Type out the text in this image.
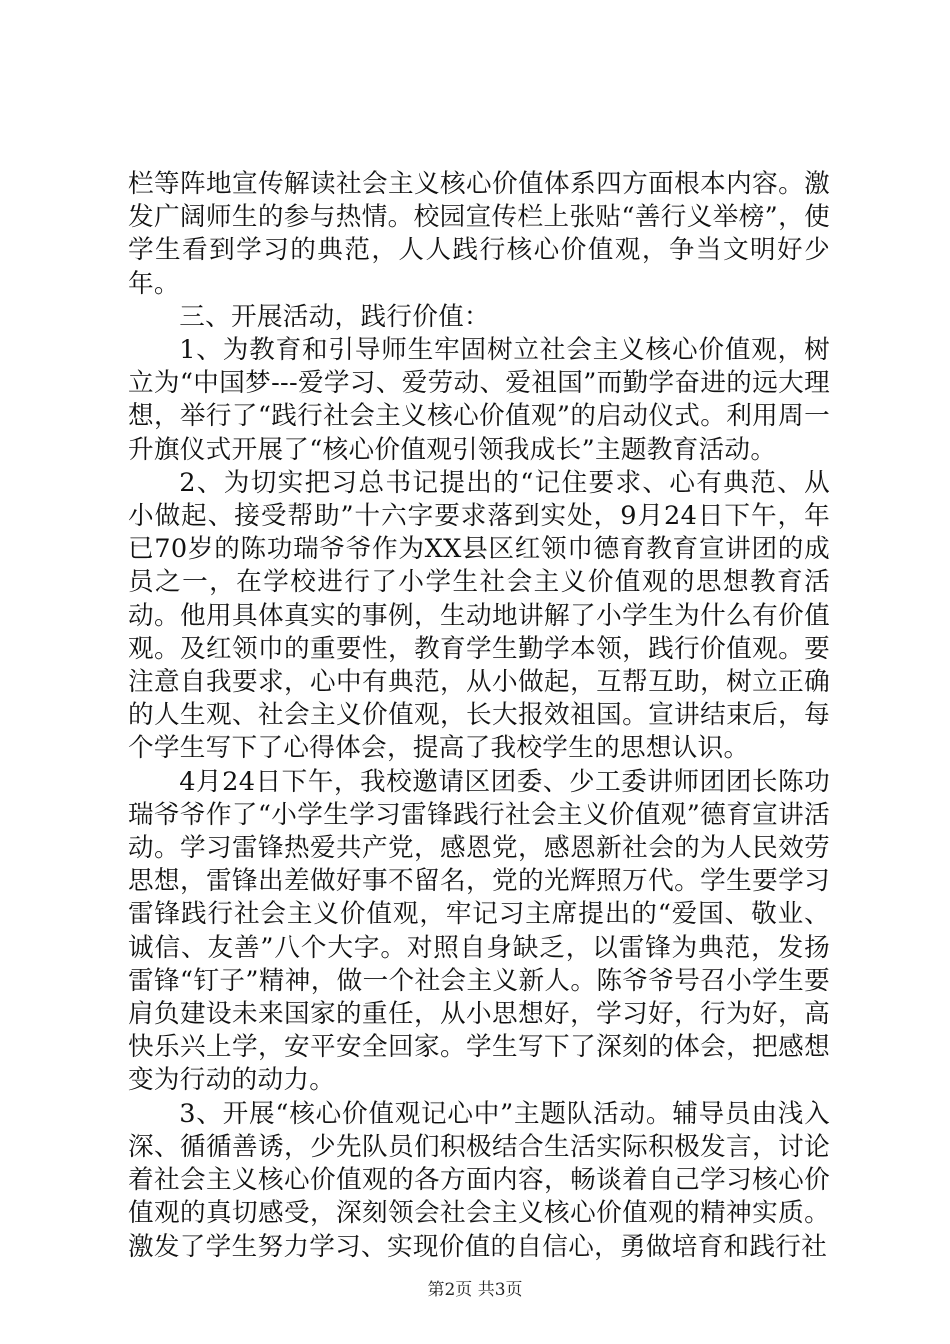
栏等阵地宣传解读社会主义核心价值体系四方面根本内容。激发广阔师生的参与热情。校园宣传栏上张贴“善行义举榜”，使学生看到学习的典范，人人践行核心价值观，争当文明好少年。

三、开展活动，践行价值：

1、为教育和引导师生牢固树立社会主义核心价值观，树立为“中国梦---爱学习、爱劳动、爱祖国”而勤学奋进的远大理想，举行了“践行社会主义核心价值观”的启动仪式。利用周一升旗仪式开展了“核心价值观引领我成长”主题教育活动。

2、为切实把习总书记提出的“记住要求、心有典范、从小做起、接受帮助”十六字要求落到实处，9月24日下午，年已70岁的陈功瑞爷爷作为XX县区红领巾德育教育宣讲团的成员之一，在学校进行了小学生社会主义价值观的思想教育活动。他用具体真实的事例，生动地讲解了小学生为什么有价值观。及红领巾的重要性，教育学生勤学本领，践行价值观。要注意自我要求，心中有典范，从小做起，互帮互助，树立正确的人生观、社会主义价值观，长大报效祖国。宣讲结束后，每个学生写下了心得体会，提高了我校学生的思想认识。

4月24日下午，我校邀请区团委、少工委讲师团团长陈功瑞爷爷作了“小学生学习雷锋践行社会主义价值观”德育宣讲活动。学习雷锋热爱共产党，感恩党，感恩新社会的为人民效劳思想，雷锋出差做好事不留名，党的光辉照万代。学生要学习雷锋践行社会主义价值观，牢记习主席提出的“爱国、敬业、诚信、友善”八个大字。对照自身缺乏，以雷锋为典范，发扬雷锋“钉子”精神，做一个社会主义新人。陈爷爷号召小学生要肩负建设未来国家的重任，从小思想好，学习好，行为好，高快乐兴上学，安平安全回家。学生写下了深刻的体会，把感想变为行动的动力。

3、开展“核心价值观记心中”主题队活动。辅导员由浅入深、循循善诱，少先队员们积极结合生活实际积极发言，讨论着社会主义核心价值观的各方面内容，畅谈着自己学习核心价值观的真切感受，深刻领会社会主义核心价值观的精神实质。激发了学生努力学习、实现价值的自信心，勇做培育和践行社

第2页 共3页
